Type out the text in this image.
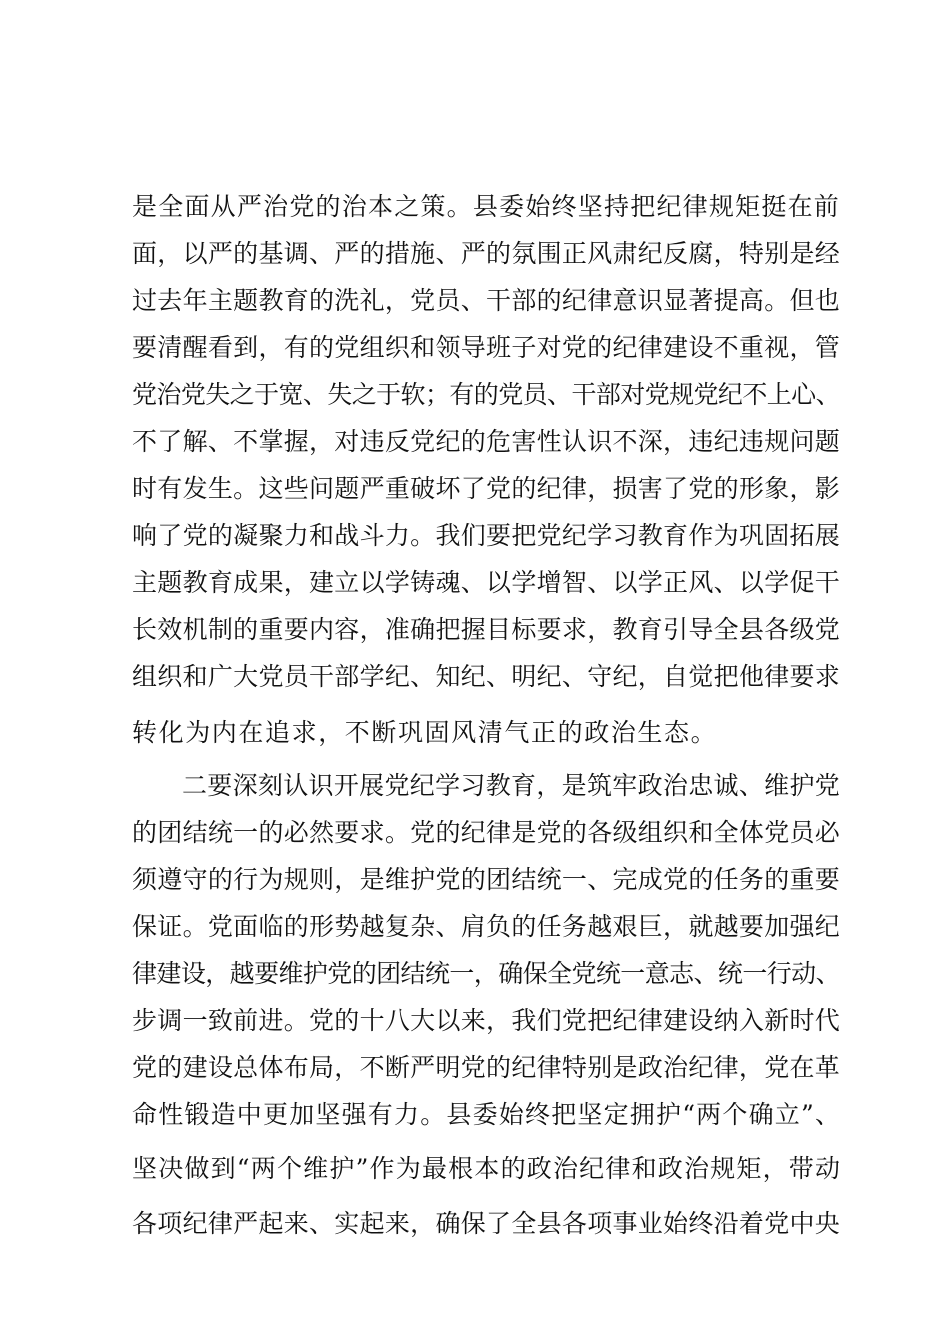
是全面从严治党的治本之策。县委始终坚持把纪律规矩挺在前
面，以严的基调、严的措施、严的氛围正风肃纪反腐，特别是经
过去年主题教育的洗礼，党员、干部的纪律意识显著提高。但也
要清醒看到，有的党组织和领导班子对党的纪律建设不重视，管
党治党失之于宽、失之于软；有的党员、干部对党规党纪不上心、
不了解、不掌握，对违反党纪的危害性认识不深，违纪违规问题
时有发生。这些问题严重破坏了党的纪律，损害了党的形象，影
响了党的凝聚力和战斗力。我们要把党纪学习教育作为巩固拓展
主题教育成果，建立以学铸魂、以学增智、以学正风、以学促干
长效机制的重要内容，准确把握目标要求，教育引导全县各级党
组织和广大党员干部学纪、知纪、明纪、守纪，自觉把他律要求
转化为内在追求，不断巩固风清气正的政治生态。
二要深刻认识开展党纪学习教育，是筑牢政治忠诚、维护党
的团结统一的必然要求。党的纪律是党的各级组织和全体党员必
须遵守的行为规则，是维护党的团结统一、完成党的任务的重要
保证。党面临的形势越复杂、肩负的任务越艰巨，就越要加强纪
律建设，越要维护党的团结统一，确保全党统一意志、统一行动、
步调一致前进。党的十八大以来，我们党把纪律建设纳入新时代
党的建设总体布局，不断严明党的纪律特别是政治纪律，党在革
命性锻造中更加坚强有力。县委始终把坚定拥护“两个确立”、
坚决做到“两个维护”作为最根本的政治纪律和政治规矩，带动
各项纪律严起来、实起来，确保了全县各项事业始终沿着党中央
